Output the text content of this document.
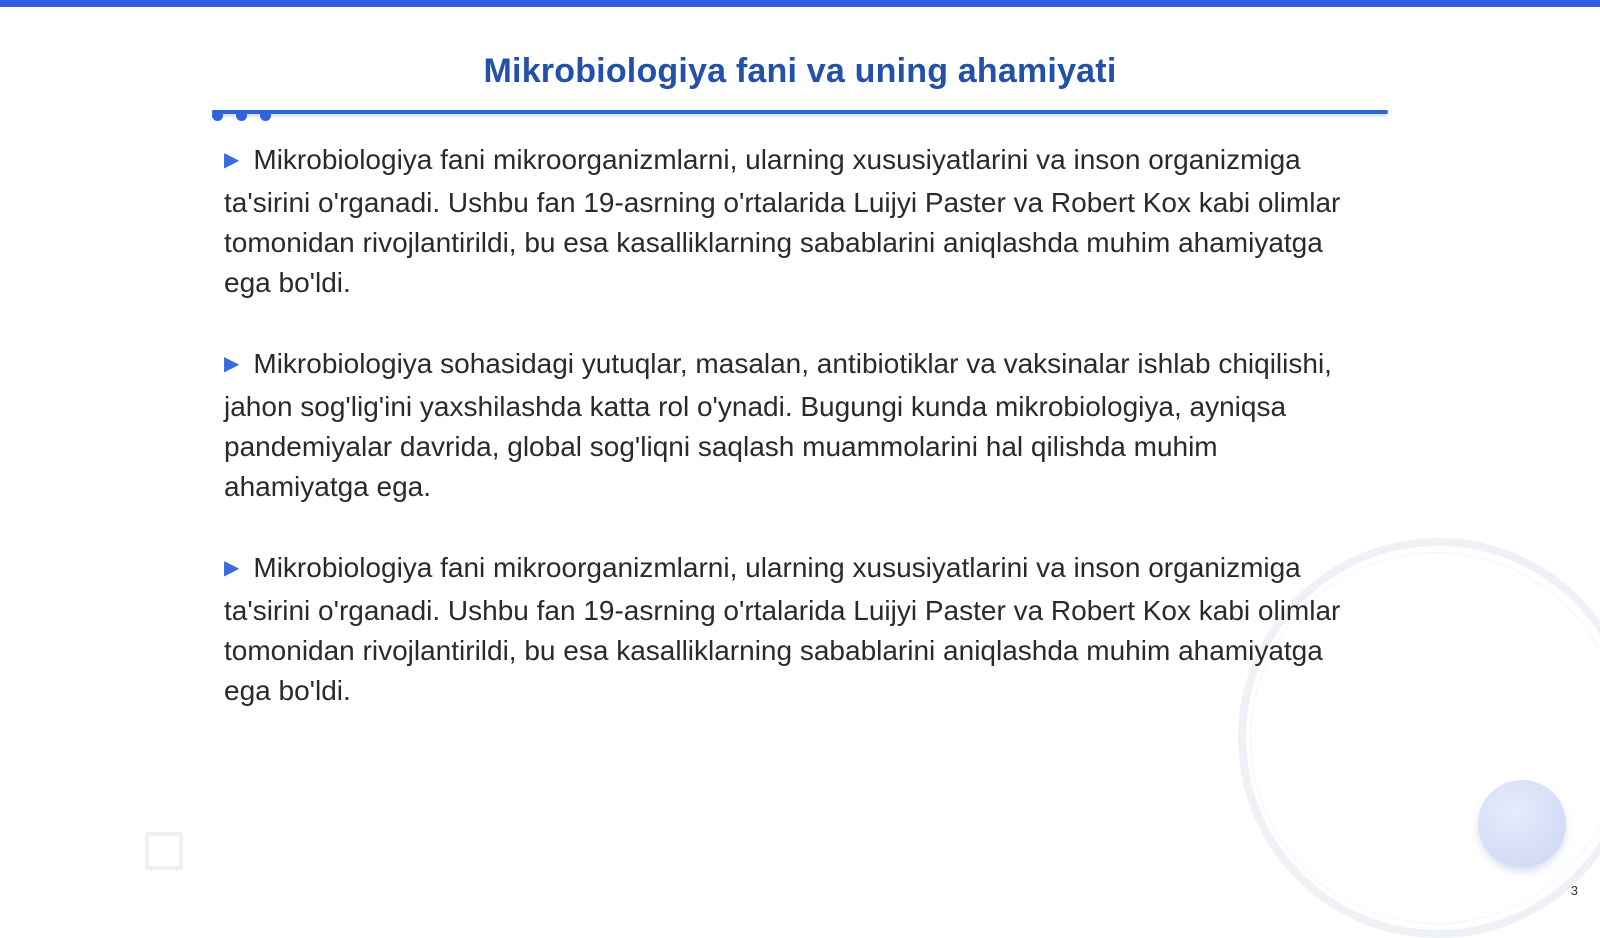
Mikrobiologiya fani va uning ahamiyati

▶ Mikrobiologiya fani mikroorganizmlarni, ularning xususiyatlarini va inson organizmiga ta'sirini o'rganadi. Ushbu fan 19-asrning o'rtalarida Luijyi Paster va Robert Kox kabi olimlar tomonidan rivojlantirildi, bu esa kasalliklarning sabablarini aniqlashda muhim ahamiyatga ega bo'ldi.

▶ Mikrobiologiya sohasidagi yutuqlar, masalan, antibiotiklar va vaksinalar ishlab chiqilishi, jahon sog'lig'ini yaxshilashda katta rol o'ynadi. Bugungi kunda mikrobiologiya, ayniqsa pandemiyalar davrida, global sog'liqni saqlash muammolarini hal qilishda muhim ahamiyatga ega.

▶ Mikrobiologiya fani mikroorganizmlarni, ularning xususiyatlarini va inson organizmiga ta'sirini o'rganadi. Ushbu fan 19-asrning o'rtalarida Luijyi Paster va Robert Kox kabi olimlar tomonidan rivojlantirildi, bu esa kasalliklarning sabablarini aniqlashda muhim ahamiyatga ega bo'ldi.

3
